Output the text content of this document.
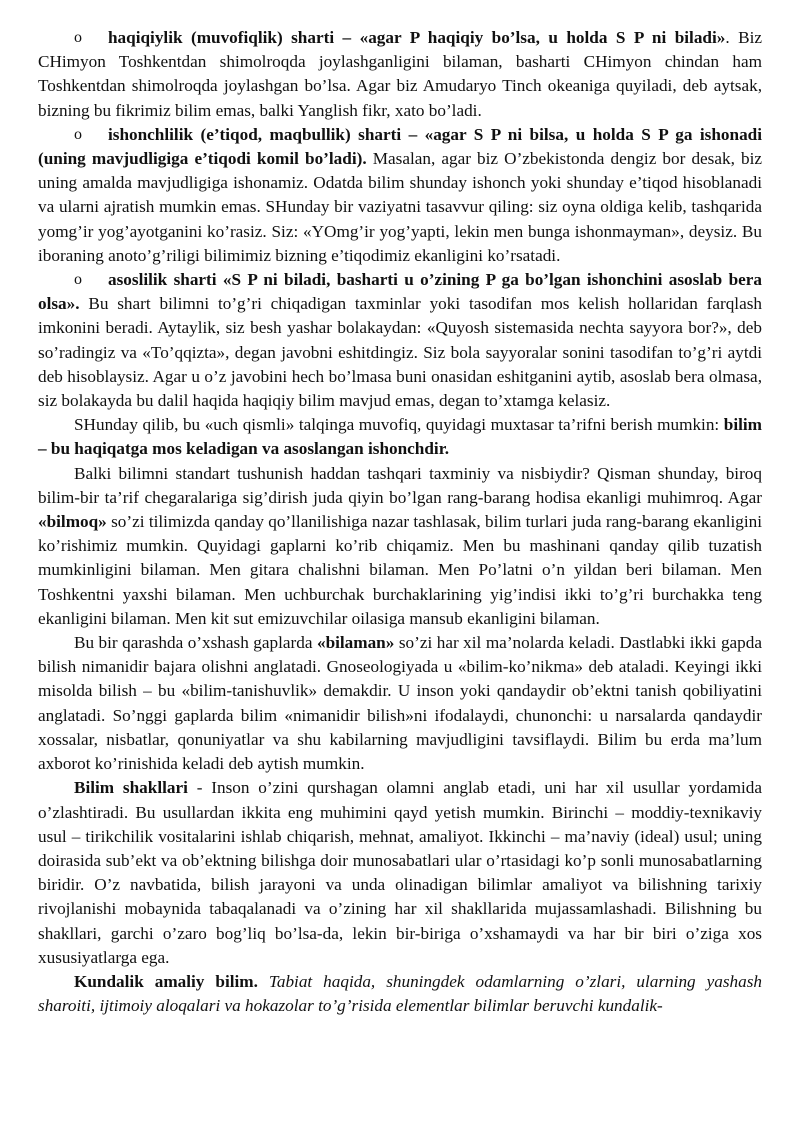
o haqiqiylik (muvofiqlik) sharti – «agar P haqiqiy bo’lsa, u holda S P ni biladi». Biz CHimyon Toshkentdan shimolroqda joylashganligini bilaman, basharti CHimyon chindan ham Toshkentdan shimolroqda joylashgan bo’lsa. Agar biz Amudaryo Tinch okeaniga quyiladi, deb aytsak, bizning bu fikrimiz bilim emas, balki Yanglish fikr, xato bo’ladi.

o ishonchlilik (e’tiqod, maqbullik) sharti – «agar S P ni bilsa, u holda S P ga ishonadi (uning mavjudligiga e’tiqodi komil bo’ladi). Masalan, agar biz O’zbekistonda dengiz bor desak, biz uning amalda mavjudligiga ishonamiz. Odatda bilim shunday ishonch yoki shunday e’tiqod hisoblanadi va ularni ajratish mumkin emas. SHunday bir vaziyatni tasavvur qiling: siz oyna oldiga kelib, tashqarida yomg’ir yog’ayotganini ko’rasiz. Siz: «YOmg’ir yog’yapti, lekin men bunga ishonmayman», deysiz. Bu iboraning anoto’g’riligi bilimimiz bizning e’tiqodimiz ekanligini ko’rsatadi.

o asoslilik sharti «S P ni biladi, basharti u o’zining P ga bo’lgan ishonchini asoslab bera olsa». Bu shart bilimni to’g’ri chiqadigan taxminlar yoki tasodifan mos kelish hollaridan farqlash imkonini beradi. Aytaylik, siz besh yashar bolakaydan: «Quyosh sistemasida nechta sayyora bor?», deb so’radingiz va «To’qqizta», degan javobni eshitdingiz. Siz bola sayyoralar sonini tasodifan to’g’ri aytdi deb hisoblaysiz. Agar u o’z javobini hech bo’lmasa buni onasidan eshitganini aytib, asoslab bera olmasa, siz bolakayda bu dalil haqida haqiqiy bilim mavjud emas, degan to’xtamga kelasiz.

SHunday qilib, bu «uch qismli» talqinga muvofiq, quyidagi muxtasar ta’rifni berish mumkin: bilim – bu haqiqatga mos keladigan va asoslangan ishonchdir.

Balki bilimni standart tushunish haddan tashqari taxminiy va nisbiydir? Qisman shunday, biroq bilim-bir ta’rif chegaralariga sig’dirish juda qiyin bo’lgan rang-barang hodisa ekanligi muhimroq. Agar «bilmoq» so’zi tilimizda qanday qo’llanilishiga nazar tashlasak, bilim turlari juda rang-barang ekanligini ko’rishimiz mumkin. Quyidagi gaplarni ko’rib chiqamiz. Men bu mashinani qanday qilib tuzatish mumkinligini bilaman. Men gitara chalishni bilaman. Men Po’latni o’n yildan beri bilaman. Men Toshkentni yaxshi bilaman. Men uchburchak burchaklarining yig’indisi ikki to’g’ri burchakka teng ekanligini bilaman. Men kit sut emizuvchilar oilasiga mansub ekanligini bilaman.

Bu bir qarashda o’xshash gaplarda «bilaman» so’zi har xil ma’nolarda keladi. Dastlabki ikki gapda bilish nimanidir bajara olishni anglatadi. Gnoseologiyada u «bilim-ko’nikma» deb ataladi. Keyingi ikki misolda bilish – bu «bilim-tanishuvlik» demakdir. U inson yoki qandaydir ob’ektni tanish qobiliyatini anglatadi. So’nggi gaplarda bilim «nimanidir bilish»ni ifodalaydi, chunonchi: u narsalarda qandaydir xossalar, nisbatlar, qonuniyatlar va shu kabilarning mavjudligini tavsiflaydi. Bilim bu erda ma’lum axborot ko’rinishida keladi deb aytish mumkin.

Bilim shakllari - Inson o’zini qurshagan olamni anglab etadi, uni har xil usullar yordamida o’zlashtiradi. Bu usullardan ikkita eng muhimini qayd yetish mumkin. Birinchi – moddiy-texnikaviy usul – tirikchilik vositalarini ishlab chiqarish, mehnat, amaliyot. Ikkinchi – ma’naviy (ideal) usul; uning doirasida sub’ekt va ob’ektning bilishga doir munosabatlari ular o’rtasidagi ko’p sonli munosabatlarning biridir. O’z navbatida, bilish jarayoni va unda olinadigan bilimlar amaliyot va bilishning tarixiy rivojlanishi mobaynida tabaqalanadi va o’zining har xil shakllarida mujassamlashadi. Bilishning bu shakllari, garchi o’zaro bog’liq bo’lsa-da, lekin bir-biriga o’xshamaydi va har bir biri o’ziga xos xususiyatlarga ega.

Kundalik amaliy bilim. Tabiat haqida, shuningdek odamlarning o’zlari, ularning yashash sharoiti, ijtimoiy aloqalari va hokazolar to’g’risida elementlar bilimlar beruvchi kundalik-
